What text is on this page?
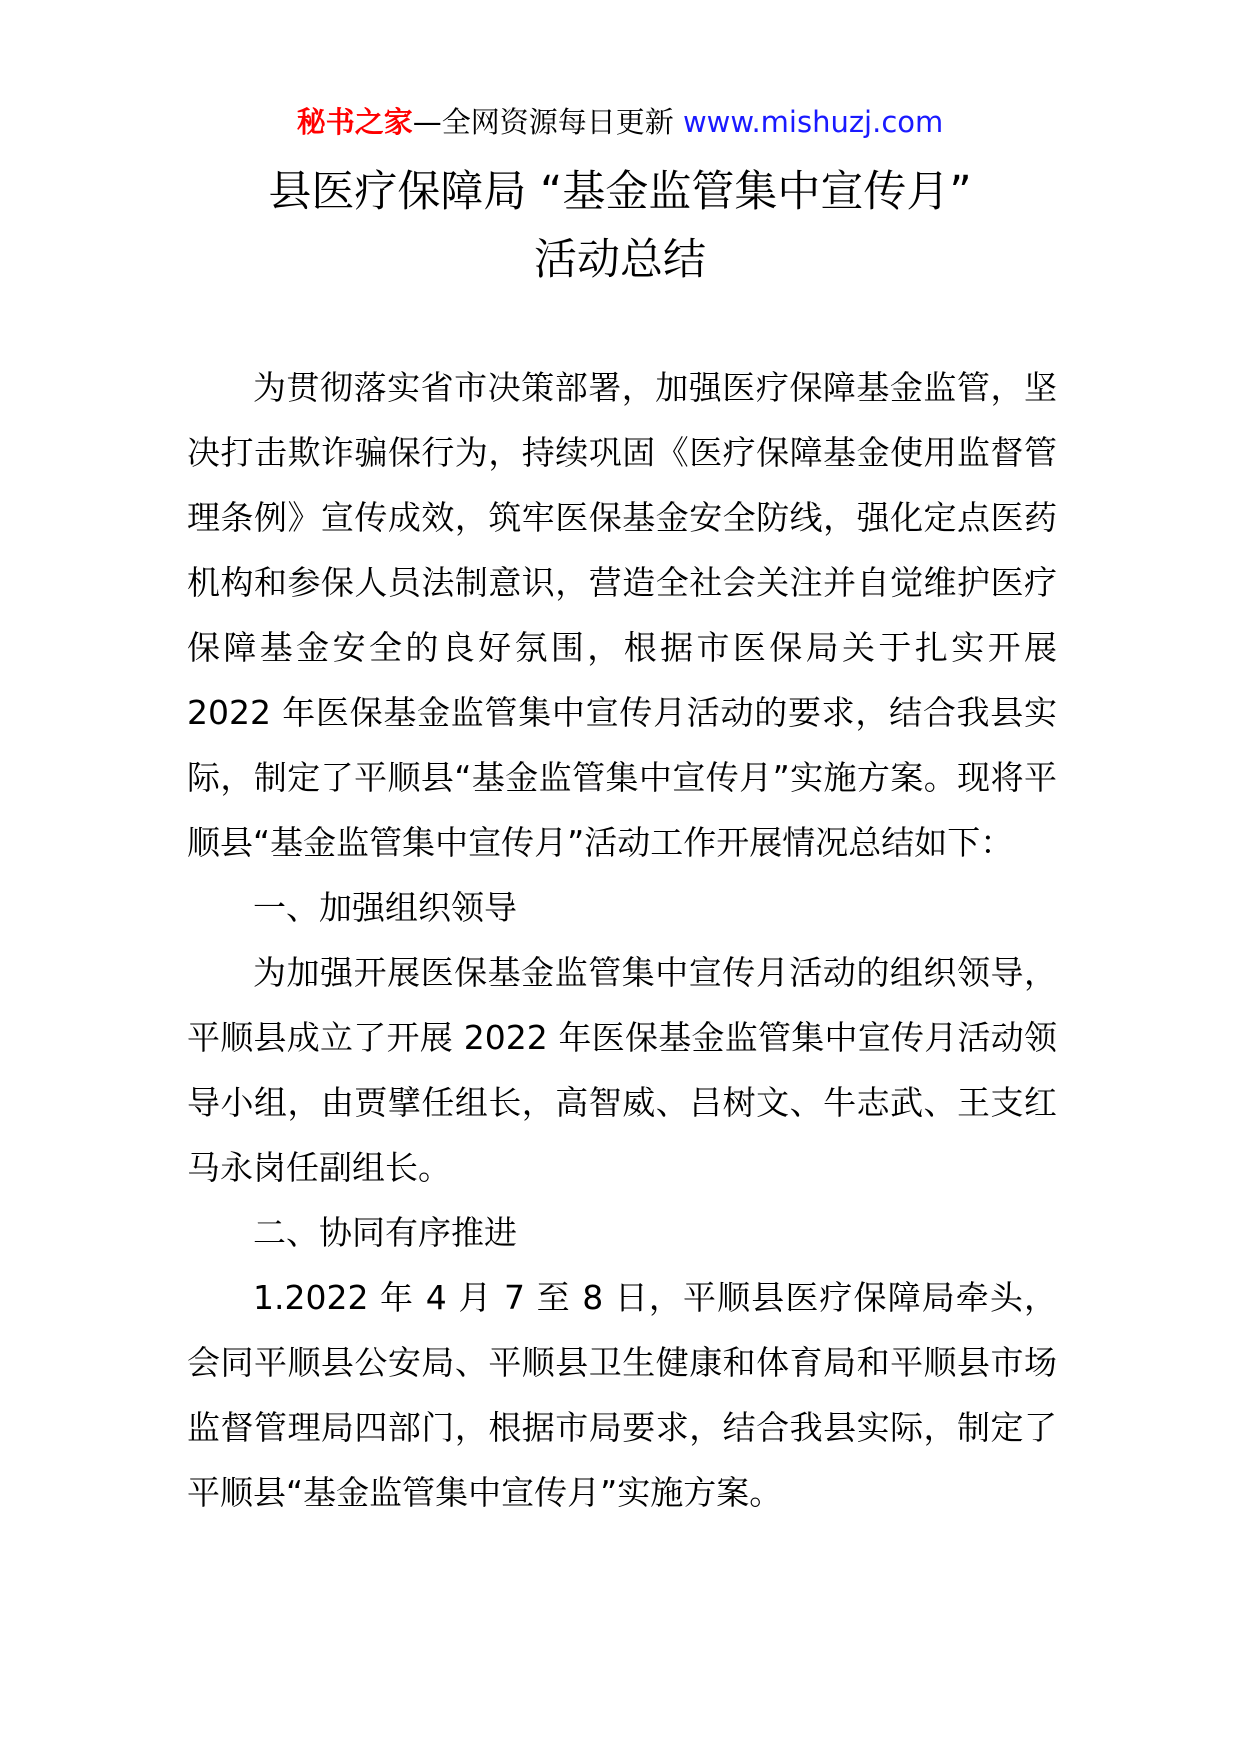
秘书之家—全网资源每日更新 www.mishuzj.com
县医疗保障局 “基金监管集中宣传月”
活动总结

为贯彻落实省市决策部署，加强医疗保障基金监管，坚决打击欺诈骗保行为，持续巩固《医疗保障基金使用监督管理条例》宣传成效，筑牢医保基金安全防线，强化定点医药机构和参保人员法制意识，营造全社会关注并自觉维护医疗保障基金安全的良好氛围，根据市医保局关于扎实开展 2022 年医保基金监管集中宣传月活动的要求，结合我县实际，制定了平顺县“基金监管集中宣传月”实施方案。现将平顺县“基金监管集中宣传月”活动工作开展情况总结如下：

一、加强组织领导

为加强开展医保基金监管集中宣传月活动的组织领导，平顺县成立了开展 2022 年医保基金监管集中宣传月活动领导小组，由贾擘任组长，高智威、吕树文、牛志武、王支红　马永岗任副组长。

二、协同有序推进

1.2022 年 4 月 7 至 8 日，平顺县医疗保障局牵头，会同平顺县公安局、平顺县卫生健康和体育局和平顺县市场监督管理局四部门，根据市局要求，结合我县实际，制定了平顺县“基金监管集中宣传月”实施方案。
